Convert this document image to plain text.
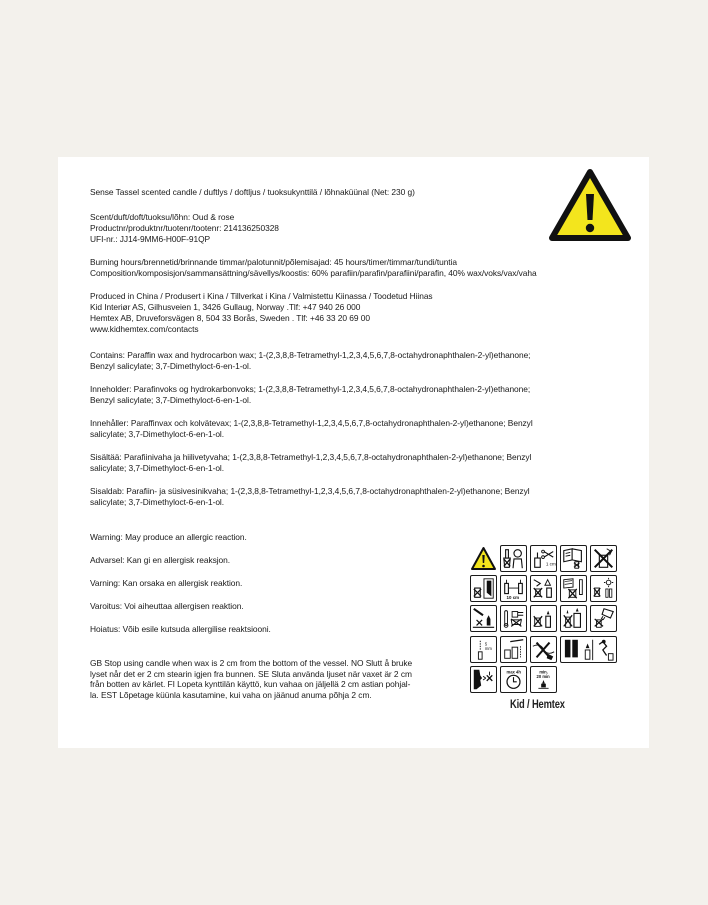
Sense Tassel scented candle / duftlys / doftljus / tuoksukynttilä / lõhnaküünal (Net: 230 g)
Scent/duft/doft/tuoksu/lõhn: Oud & rose
Productnr/produktnr/tuotenr/tootenr: 214136250328
UFI-nr.: JJ14-9MM6-H00F-91QP
Burning hours/brennetid/brinnande timmar/palotunnit/põlemisajad: 45 hours/timer/timmar/tundi/tuntia
Composition/komposisjon/sammansättning/sävellys/koostis: 60% parafiin/parafin/parafiini/parafin, 40% wax/voks/vax/vaha
Produced in China / Produsert i Kina / Tillverkat i Kina / Valmistettu Kiinassa / Toodetud Hiinas
Kid Interiør AS, Gilhusveien 1, 3426 Gullaug, Norway .Tlf: +47 940 26 000
Hemtex AB, Druveforsvägen 8, 504 33 Borås, Sweden . Tlf: +46 33 20 69 00
www.kidhemtex.com/contacts
Contains: Paraffin wax and hydrocarbon wax; 1-(2,3,8,8-Tetramethyl-1,2,3,4,5,6,7,8-octahydronaphthalen-2-yl)ethanone;
Benzyl salicylate; 3,7-Dimethyloct-6-en-1-ol.
Inneholder: Parafinvoks og hydrokarbonvoks; 1-(2,3,8,8-Tetramethyl-1,2,3,4,5,6,7,8-octahydronaphthalen-2-yl)ethanone;
Benzyl salicylate; 3,7-Dimethyloct-6-en-1-ol.
Innehåller: Paraffinvax och kolvätevax; 1-(2,3,8,8-Tetramethyl-1,2,3,4,5,6,7,8-octahydronaphthalen-2-yl)ethanone; Benzyl
salicylate; 3,7-Dimethyloct-6-en-1-ol.
Sisältää: Parafiinivaha ja hiilivetyvaha; 1-(2,3,8,8-Tetramethyl-1,2,3,4,5,6,7,8-octahydronaphthalen-2-yl)ethanone; Benzyl
salicylate; 3,7-Dimethyloct-6-en-1-ol.
Sisaldab: Parafiin- ja süsivesinikvaha; 1-(2,3,8,8-Tetramethyl-1,2,3,4,5,6,7,8-octahydronaphthalen-2-yl)ethanone; Benzyl
salicylate; 3,7-Dimethyloct-6-en-1-ol.
Warning: May produce an allergic reaction.
Advarsel: Kan gi en allergisk reaksjon.
Varning: Kan orsaka en allergisk reaktion.
Varoitus: Voi aiheuttaa allergisen reaktion.
Hoiatus: Võib esile kutsuda allergilise reaktsiooni.
GB Stop using candle when wax is 2 cm from the bottom of the vessel. NO Slutt å bruke
lyset når det er 2 cm stearin igjen fra bunnen. SE Sluta använda ljuset när vaxet är 2 cm
från botten av kärlet. FI Lopeta kynttilän käyttö, kun vahaa on jäljellä 2 cm astian pohjal-
la. EST Lõpetage küünla kasutamine, kui vaha on jäänud anuma põhja 2 cm.
1 cm
10 cm
5
mm
max 4h	min.
20 min
Kid / Hemtex
